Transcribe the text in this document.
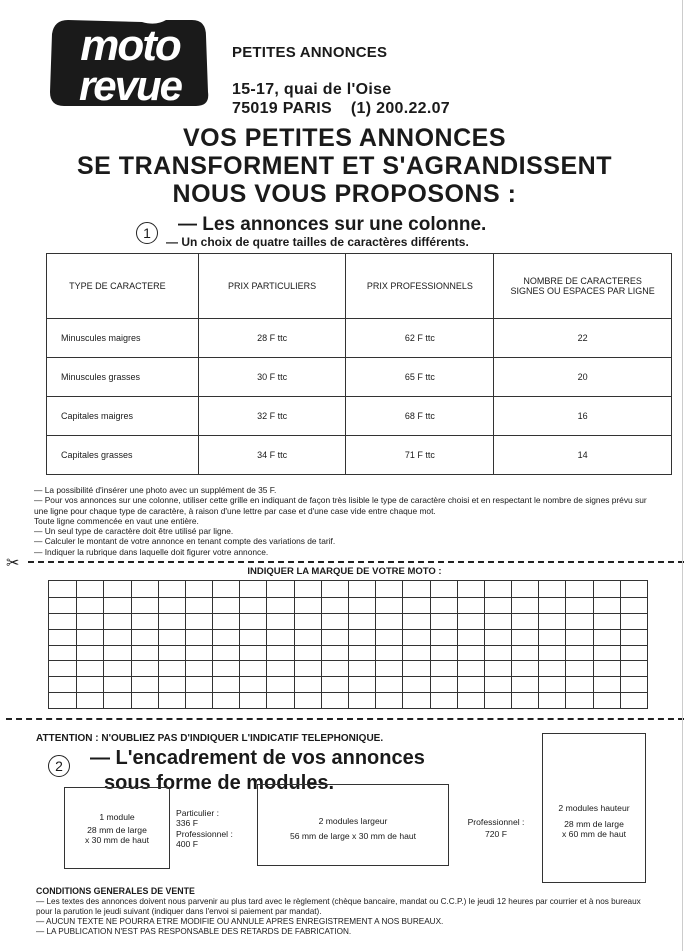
moto
revue
PETITES ANNONCES
15-17, quai de l'Oise
75019 PARIS    (1) 200.22.07
VOS PETITES ANNONCES
SE TRANSFORMENT ET S'AGRANDISSENT
NOUS VOUS PROPOSONS :
1	— Les annonces sur une colonne.
— Un choix de quatre tailles de caractères différents.
TYPE DE CARACTERE	PRIX PARTICULIERS	PRIX PROFESSIONNELS	NOMBRE DE CARACTERES SIGNES OU ESPACES PAR LIGNE
Minuscules maigres	28 F ttc	62 F ttc	22
Minuscules grasses	30 F ttc	65 F ttc	20
Capitales maigres	32 F ttc	68 F ttc	16
Capitales grasses	34 F ttc	71 F ttc	14
— La possibilité d'insérer une photo avec un supplément de 35 F.
— Pour vos annonces sur une colonne, utiliser cette grille en indiquant de façon très lisible le type de caractère choisi et en respectant le nombre de signes prévu sur une ligne pour chaque type de caractère, à raison d'une lettre par case et d'une case vide entre chaque mot.
Toute ligne commencée en vaut une entière.
— Un seul type de caractère doit être utilisé par ligne.
— Calculer le montant de votre annonce en tenant compte des variations de tarif.
— Indiquer la rubrique dans laquelle doit figurer votre annonce.
✂	INDIQUER LA MARQUE DE VOTRE MOTO :
ATTENTION : N'OUBLIEZ PAS D'INDIQUER L'INDICATIF TELEPHONIQUE.
2	— L'encadrement de vos annonces
sous forme de modules.
1 module
28 mm de large
x 30 mm de haut
Particulier :
336 F
Professionnel :
400 F
2 modules largeur
56 mm de large x 30 mm de haut
Professionnel :
720 F
2 modules hauteur
28 mm de large
x 60 mm de haut
CONDITIONS GENERALES DE VENTE
— Les textes des annonces doivent nous parvenir au plus tard avec le règlement (chèque bancaire, mandat ou C.C.P.) le jeudi 12 heures par courrier et à nos bureaux pour la parution le jeudi suivant (indiquer dans l'envoi si paiement par mandat).
— AUCUN TEXTE NE POURRA ETRE MODIFIE OU ANNULE APRES ENREGISTREMENT A NOS BUREAUX.
— LA PUBLICATION N'EST PAS RESPONSABLE DES RETARDS DE FABRICATION.
